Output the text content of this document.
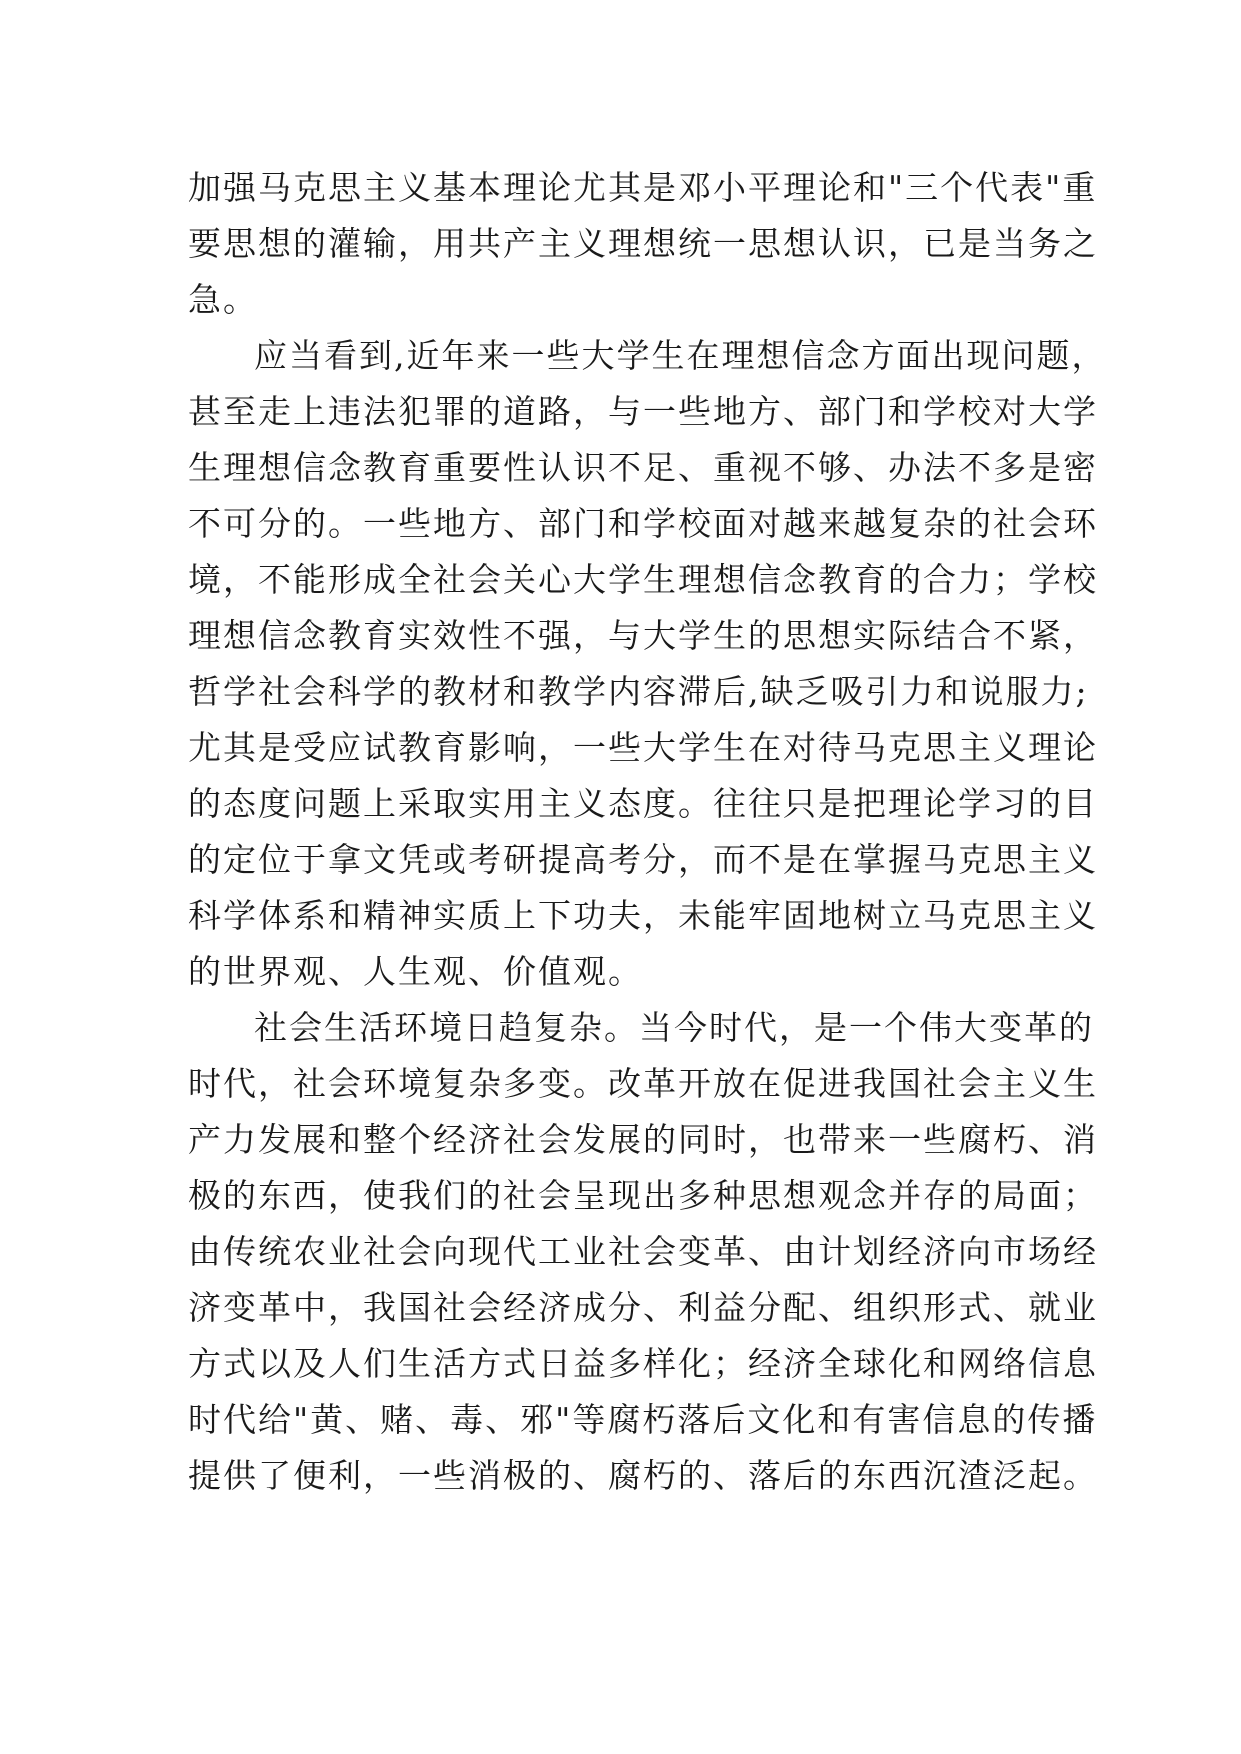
加强马克思主义基本理论尤其是邓小平理论和"三个代表"重
要思想的灌输，用共产主义理想统一思想认识，已是当务之
急。
应当看到,近年来一些大学生在理想信念方面出现问题，
甚至走上违法犯罪的道路，与一些地方、部门和学校对大学
生理想信念教育重要性认识不足、重视不够、办法不多是密
不可分的。一些地方、部门和学校面对越来越复杂的社会环
境，不能形成全社会关心大学生理想信念教育的合力；学校
理想信念教育实效性不强，与大学生的思想实际结合不紧，
哲学社会科学的教材和教学内容滞后,缺乏吸引力和说服力;
尤其是受应试教育影响，一些大学生在对待马克思主义理论
的态度问题上采取实用主义态度。往往只是把理论学习的目
的定位于拿文凭或考研提高考分，而不是在掌握马克思主义
科学体系和精神实质上下功夫，未能牢固地树立马克思主义
的世界观、人生观、价值观。
社会生活环境日趋复杂。当今时代，是一个伟大变革的
时代，社会环境复杂多变。改革开放在促进我国社会主义生
产力发展和整个经济社会发展的同时，也带来一些腐朽、消
极的东西，使我们的社会呈现出多种思想观念并存的局面；
由传统农业社会向现代工业社会变革、由计划经济向市场经
济变革中，我国社会经济成分、利益分配、组织形式、就业
方式以及人们生活方式日益多样化；经济全球化和网络信息
时代给"黄、赌、毒、邪"等腐朽落后文化和有害信息的传播
提供了便利，一些消极的、腐朽的、落后的东西沉渣泛起。
